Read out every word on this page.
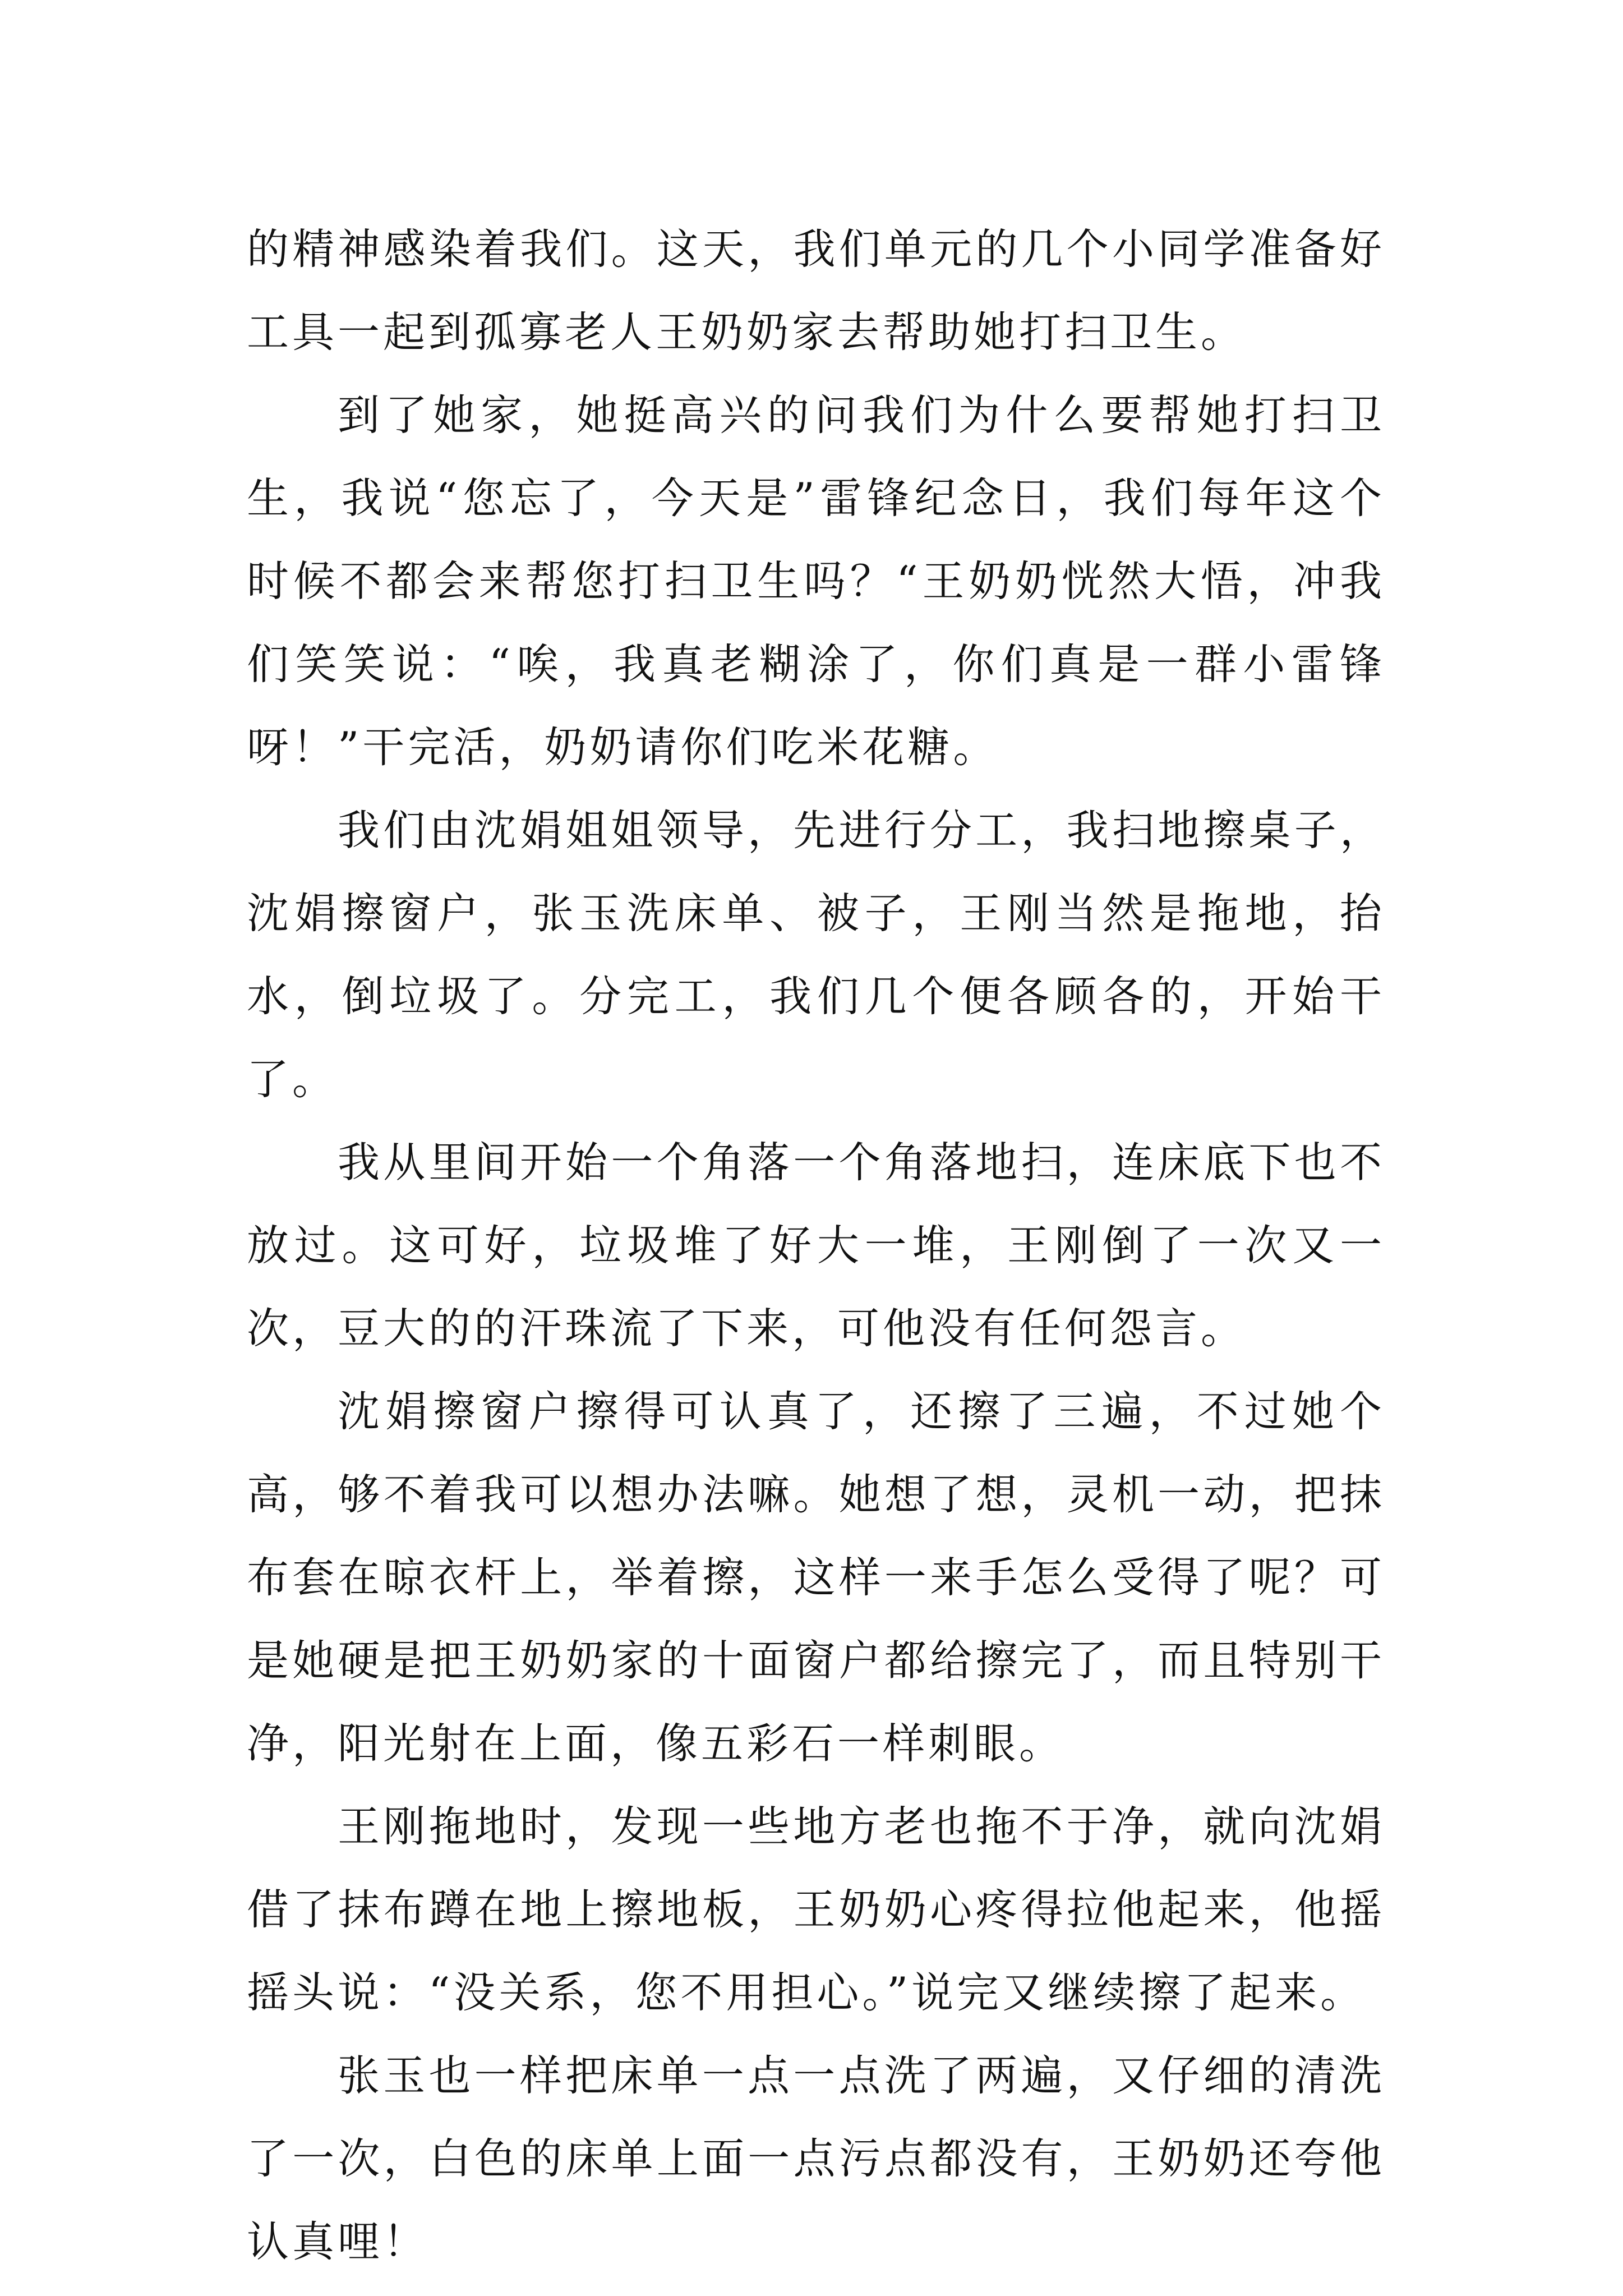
的精神感染着我们。这天，我们单元的几个小同学准备好工具一起到孤寡老人王奶奶家去帮助她打扫卫生。

到了她家，她挺高兴的问我们为什么要帮她打扫卫生，我说“您忘了，今天是”雷锋纪念日，我们每年这个时候不都会来帮您打扫卫生吗？“王奶奶恍然大悟，冲我们笑笑说：“唉，我真老糊涂了，你们真是一群小雷锋呀！”干完活，奶奶请你们吃米花糖。

我们由沈娟姐姐领导，先进行分工，我扫地擦桌子，沈娟擦窗户，张玉洗床单、被子，王刚当然是拖地，抬水，倒垃圾了。分完工，我们几个便各顾各的，开始干了。

我从里间开始一个角落一个角落地扫，连床底下也不放过。这可好，垃圾堆了好大一堆，王刚倒了一次又一次，豆大的的汗珠流了下来，可他没有任何怨言。

沈娟擦窗户擦得可认真了，还擦了三遍，不过她个高，够不着我可以想办法嘛。她想了想，灵机一动，把抹布套在晾衣杆上，举着擦，这样一来手怎么受得了呢？可是她硬是把王奶奶家的十面窗户都给擦完了，而且特别干净，阳光射在上面，像五彩石一样刺眼。

王刚拖地时，发现一些地方老也拖不于净，就向沈娟借了抹布蹲在地上擦地板，王奶奶心疼得拉他起来，他摇摇头说：“没关系，您不用担心。”说完又继续擦了起来。

张玉也一样把床单一点一点洗了两遍，又仔细的清洗了一次，白色的床单上面一点污点都没有，王奶奶还夸他认真哩！
